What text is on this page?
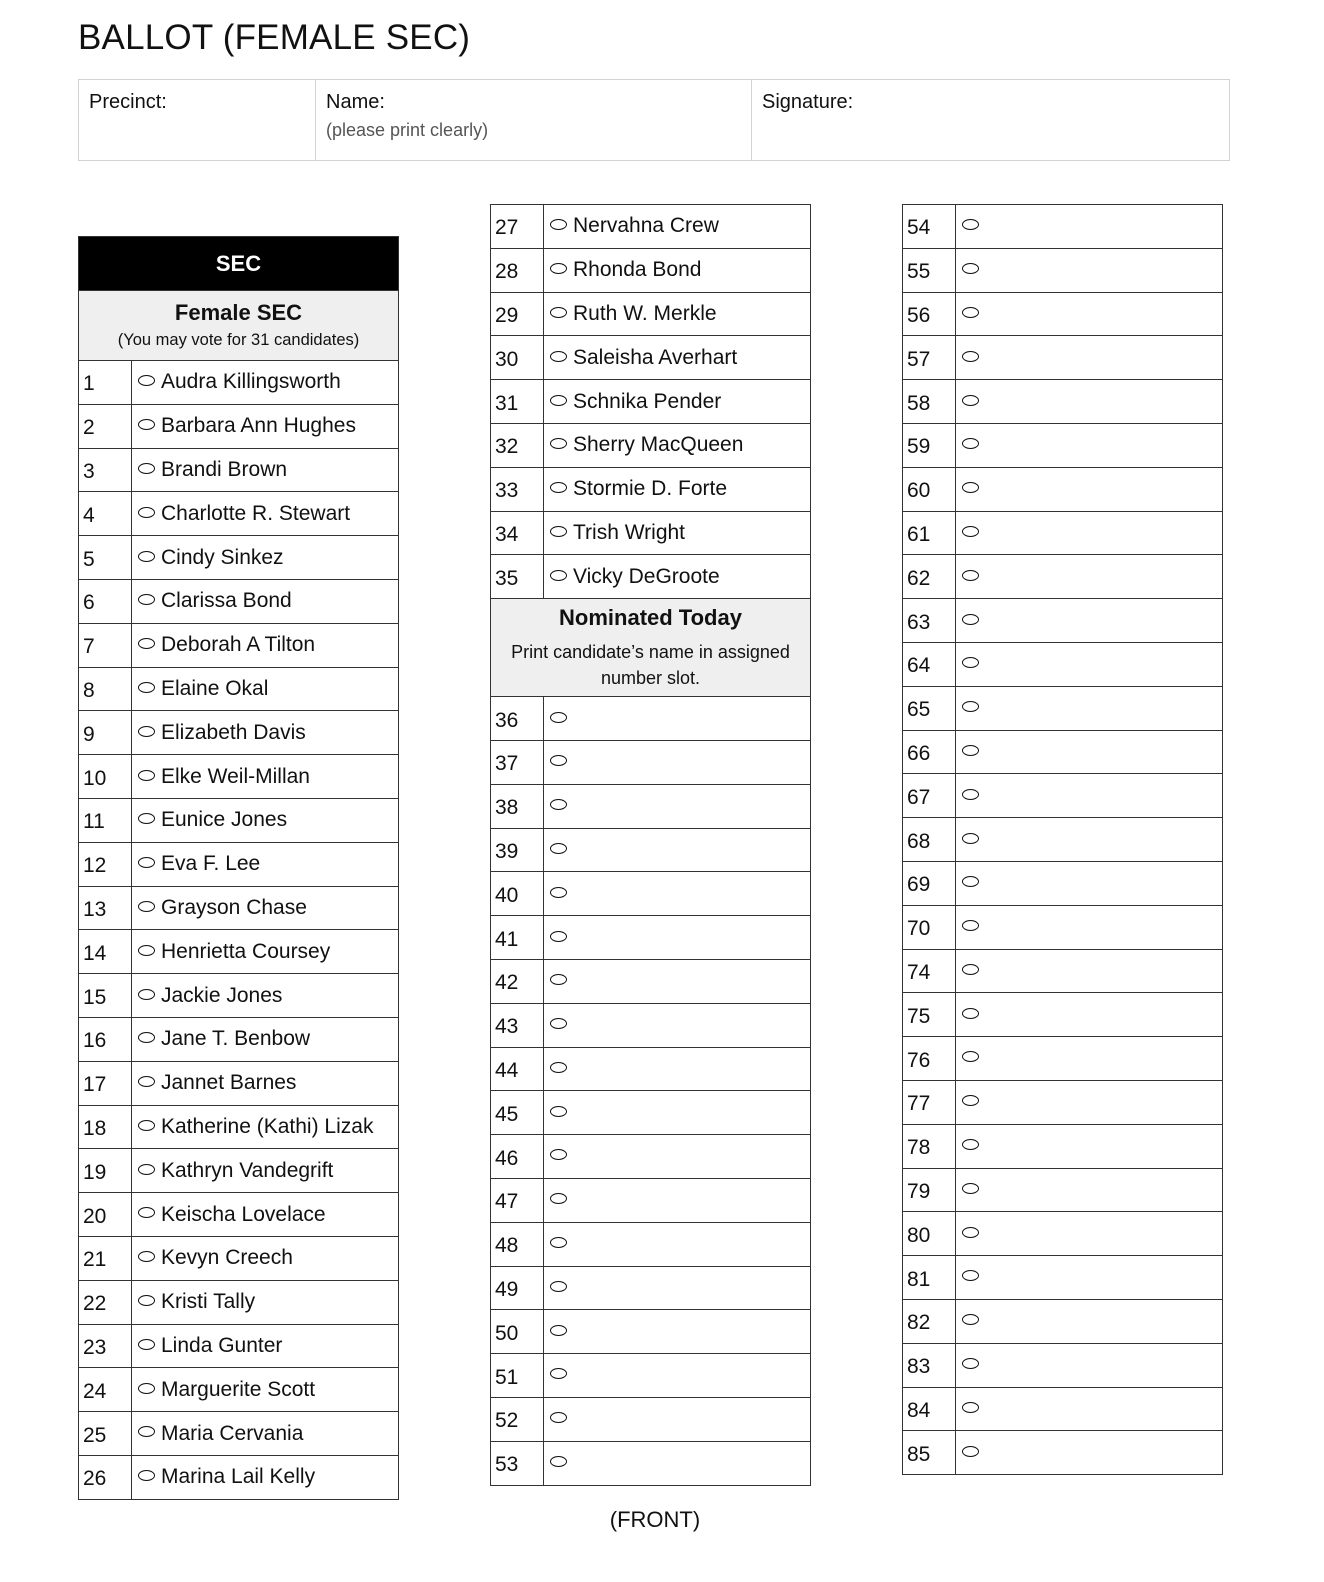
BALLOT (FEMALE SEC)
Precinct:	Name:
(please print clearly)
Signature:
SEC	

Female SEC
(You may vote for 31 candidates)	

1	Audra Killingsworth
2	Barbara Ann Hughes
3	Brandi Brown
4	Charlotte R. Stewart
5	Cindy Sinkez
6	Clarissa Bond
7	Deborah A Tilton
8	Elaine Okal
9	Elizabeth Davis
10	Elke Weil-Millan
11	Eunice Jones
12	Eva F. Lee
13	Grayson Chase
14	Henrietta Coursey
15	Jackie Jones
16	Jane T. Benbow
17	Jannet Barnes
18	Katherine (Kathi) Lizak
19	Kathryn Vandegrift
20	Keischa Lovelace
21	Kevyn Creech
22	Kristi Tally
23	Linda Gunter
24	Marguerite Scott
25	Maria Cervania
26	Marina Lail Kelly
27	Nervahna Crew
28	Rhonda Bond
29	Ruth W. Merkle
30	Saleisha Averhart
31	Schnika Pender
32	Sherry MacQueen
33	Stormie D. Forte
34	Trish Wright
35	Vicky DeGroote

Nominated Today
Print candidate’s name in assigned number slot.	

36	
37	
38	
39	
40	
41	
42	
43	
44	
45	
46	
47	
48	
49	
50	
51	
52	
53	
54	
55	
56	
57	
58	
59	
60	
61	
62	
63	
64	
65	
66	
67	
68	
69	
70	
74	
75	
76	
77	
78	
79	
80	
81	
82	
83	
84	
85	
(FRONT)
